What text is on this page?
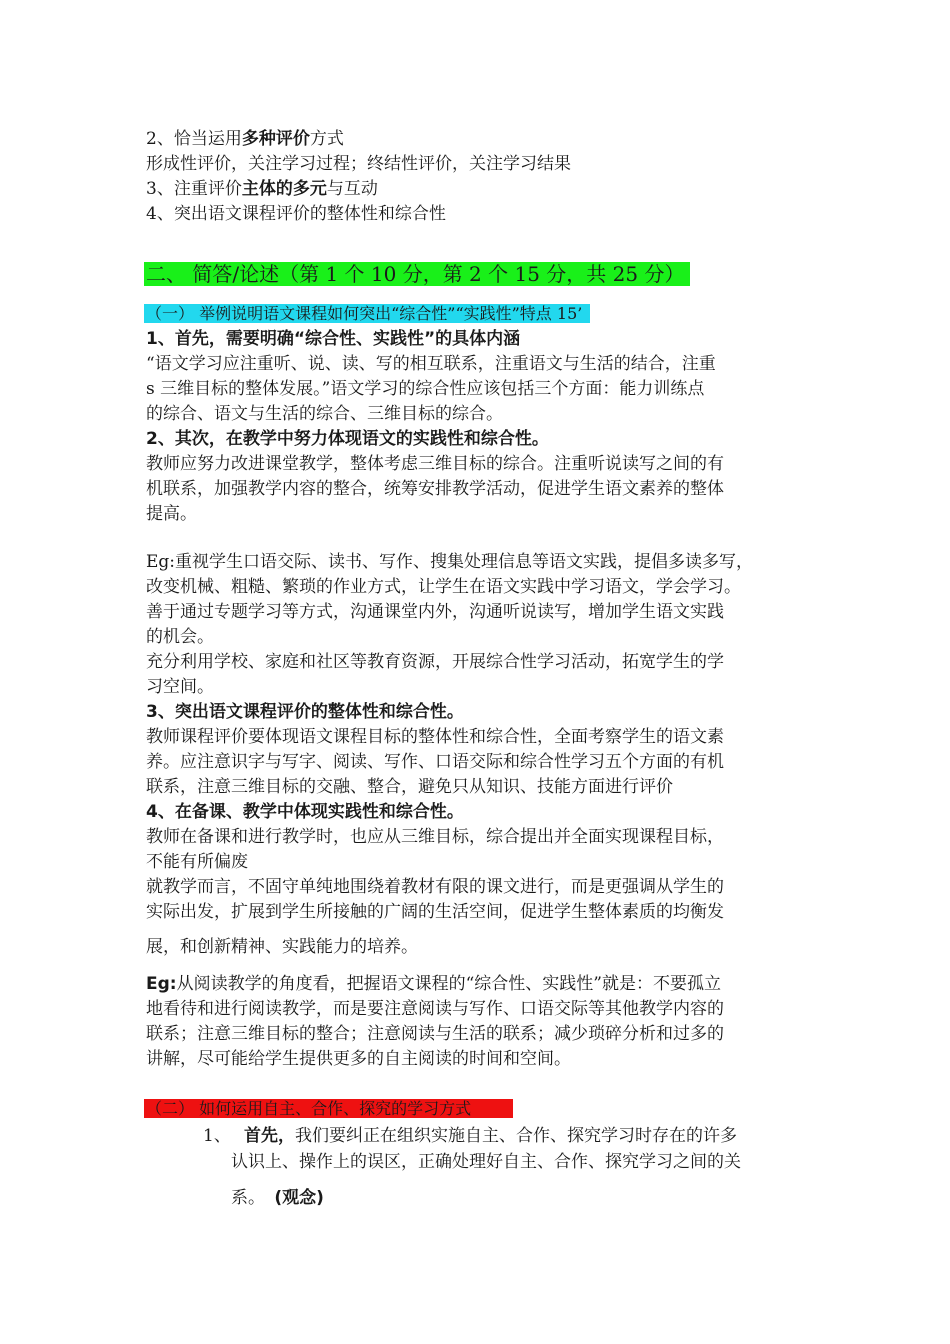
2、恰当运用多种评价方式
形成性评价，关注学习过程；终结性评价，关注学习结果
3、注重评价主体的多元与互动
4、突出语文课程评价的整体性和综合性
二、 简答/论述（第 1 个 10 分，第 2 个 15 分，共 25 分）
（一） 举例说明语文课程如何突出“综合性”“实践性”特点 15’
1、首先，需要明确“综合性、实践性”的具体内涵
“语文学习应注重听、说、读、写的相互联系，注重语文与生活的结合，注重
s 三维目标的整体发展。”语文学习的综合性应该包括三个方面：能力训练点
的综合、语文与生活的综合、三维目标的综合。
2、其次，在教学中努力体现语文的实践性和综合性。
教师应努力改进课堂教学，整体考虑三维目标的综合。注重听说读写之间的有
机联系，加强教学内容的整合，统筹安排教学活动，促进学生语文素养的整体
提高。
Eg:重视学生口语交际、读书、写作、搜集处理信息等语文实践，提倡多读多写，
改变机械、粗糙、繁琐的作业方式，让学生在语文实践中学习语文，学会学习。
善于通过专题学习等方式，沟通课堂内外，沟通听说读写，增加学生语文实践
的机会。
充分利用学校、家庭和社区等教育资源，开展综合性学习活动，拓宽学生的学
习空间。
3、突出语文课程评价的整体性和综合性。
教师课程评价要体现语文课程目标的整体性和综合性，全面考察学生的语文素
养。应注意识字与写字、阅读、写作、口语交际和综合性学习五个方面的有机
联系，注意三维目标的交融、整合，避免只从知识、技能方面进行评价
4、在备课、教学中体现实践性和综合性。
教师在备课和进行教学时，也应从三维目标，综合提出并全面实现课程目标，
不能有所偏废
就教学而言，不固守单纯地围绕着教材有限的课文进行，而是更强调从学生的
实际出发，扩展到学生所接触的广阔的生活空间，促进学生整体素质的均衡发
展，和创新精神、实践能力的培养。
Eg:从阅读教学的角度看，把握语文课程的“综合性、实践性”就是：不要孤立
地看待和进行阅读教学，而是要注意阅读与写作、口语交际等其他教学内容的
联系；注意三维目标的整合；注意阅读与生活的联系；减少琐碎分析和过多的
讲解，尽可能给学生提供更多的自主阅读的时间和空间。
（二） 如何运用自主、合作、探究的学习方式
1、 首先，我们要纠正在组织实施自主、合作、探究学习时存在的许多
认识上、操作上的误区，正确处理好自主、合作、探究学习之间的关
系。 (观念)
